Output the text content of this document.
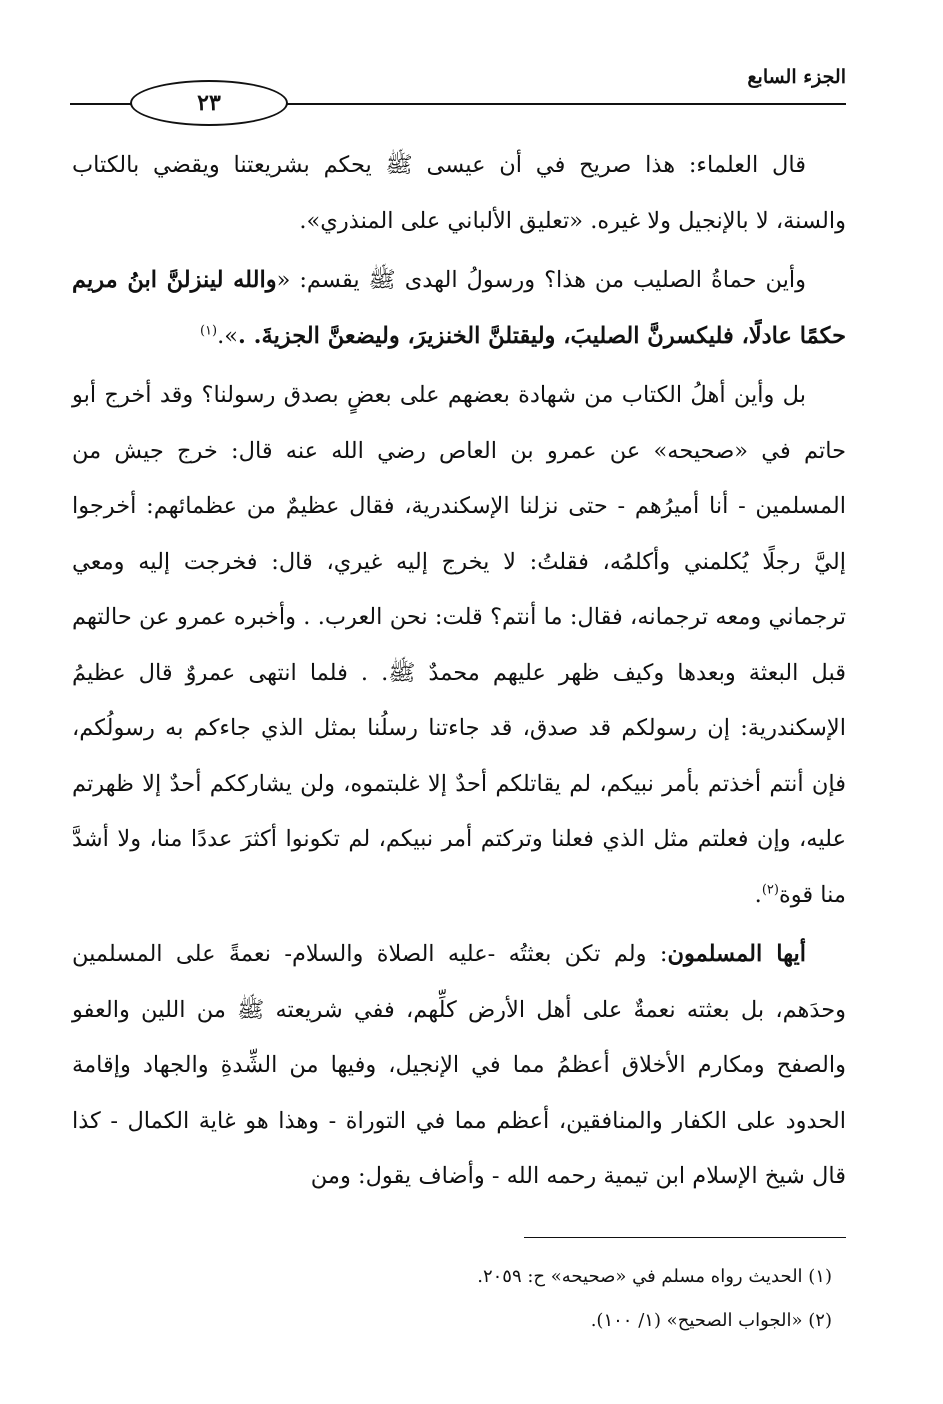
٢٣
الجزء السابع

قال العلماء: هذا صريح في أن عيسى ﷺ يحكم بشريعتنا ويقضي بالكتاب والسنة، لا بالإنجيل ولا غيره. «تعليق الألباني على المنذري».

وأين حماةُ الصليب من هذا؟ ورسولُ الهدى ﷺ يقسم: «والله لينزلنَّ ابنُ مريم حكمًا عادلًا، فليكسرنَّ الصليبَ، وليقتلنَّ الخنزيرَ، وليضعنَّ الجزيةَ. .».$^{(١)}$

بل وأين أهلُ الكتاب من شهادة بعضهم على بعضٍ بصدق رسولنا؟ وقد أخرج أبو حاتم في «صحيحه» عن عمرو بن العاص رضي الله عنه قال: خرج جيش من المسلمين - أنا أميرُهم - حتى نزلنا الإسكندرية، فقال عظيمٌ من عظمائهم: أخرجوا إليَّ رجلًا يُكلمني وأكلمُه، فقلتُ: لا يخرج إليه غيري، قال: فخرجت إليه ومعي ترجماني ومعه ترجمانه، فقال: ما أنتم؟ قلت: نحن العرب. . وأخبره عمرو عن حالتهم قبل البعثة وبعدها وكيف ظهر عليهم محمدٌ ﷺ. . فلما انتهى عمروٌ قال عظيمُ الإسكندرية: إن رسولكم قد صدق، قد جاءتنا رسلُنا بمثل الذي جاءكم به رسولُكم، فإن أنتم أخذتم بأمر نبيكم، لم يقاتلكم أحدٌ إلا غلبتموه، ولن يشارككم أحدٌ إلا ظهرتم عليه، وإن فعلتم مثل الذي فعلنا وتركتم أمر نبيكم، لم تكونوا أكثرَ عددًا منا، ولا أشدَّ منا قوة$^{(٢)}$.

أيها المسلمون: ولم تكن بعثتُه -عليه الصلاة والسلام- نعمةً على المسلمين وحدَهم، بل بعثته نعمةٌ على أهل الأرض كلِّهم، ففي شريعته ﷺ من اللين والعفو والصفح ومكارم الأخلاق أعظمُ مما في الإنجيل، وفيها من الشِّدةِ والجهاد وإقامة الحدود على الكفار والمنافقين، أعظم مما في التوراة - وهذا هو غاية الكمال - كذا قال شيخ الإسلام ابن تيمية رحمه الله - وأضاف يقول: ومن

(١) الحديث رواه مسلم في «صحيحه» ح: ٢٠٥٩.

(٢) «الجواب الصحيح» (١/ ١٠٠).
